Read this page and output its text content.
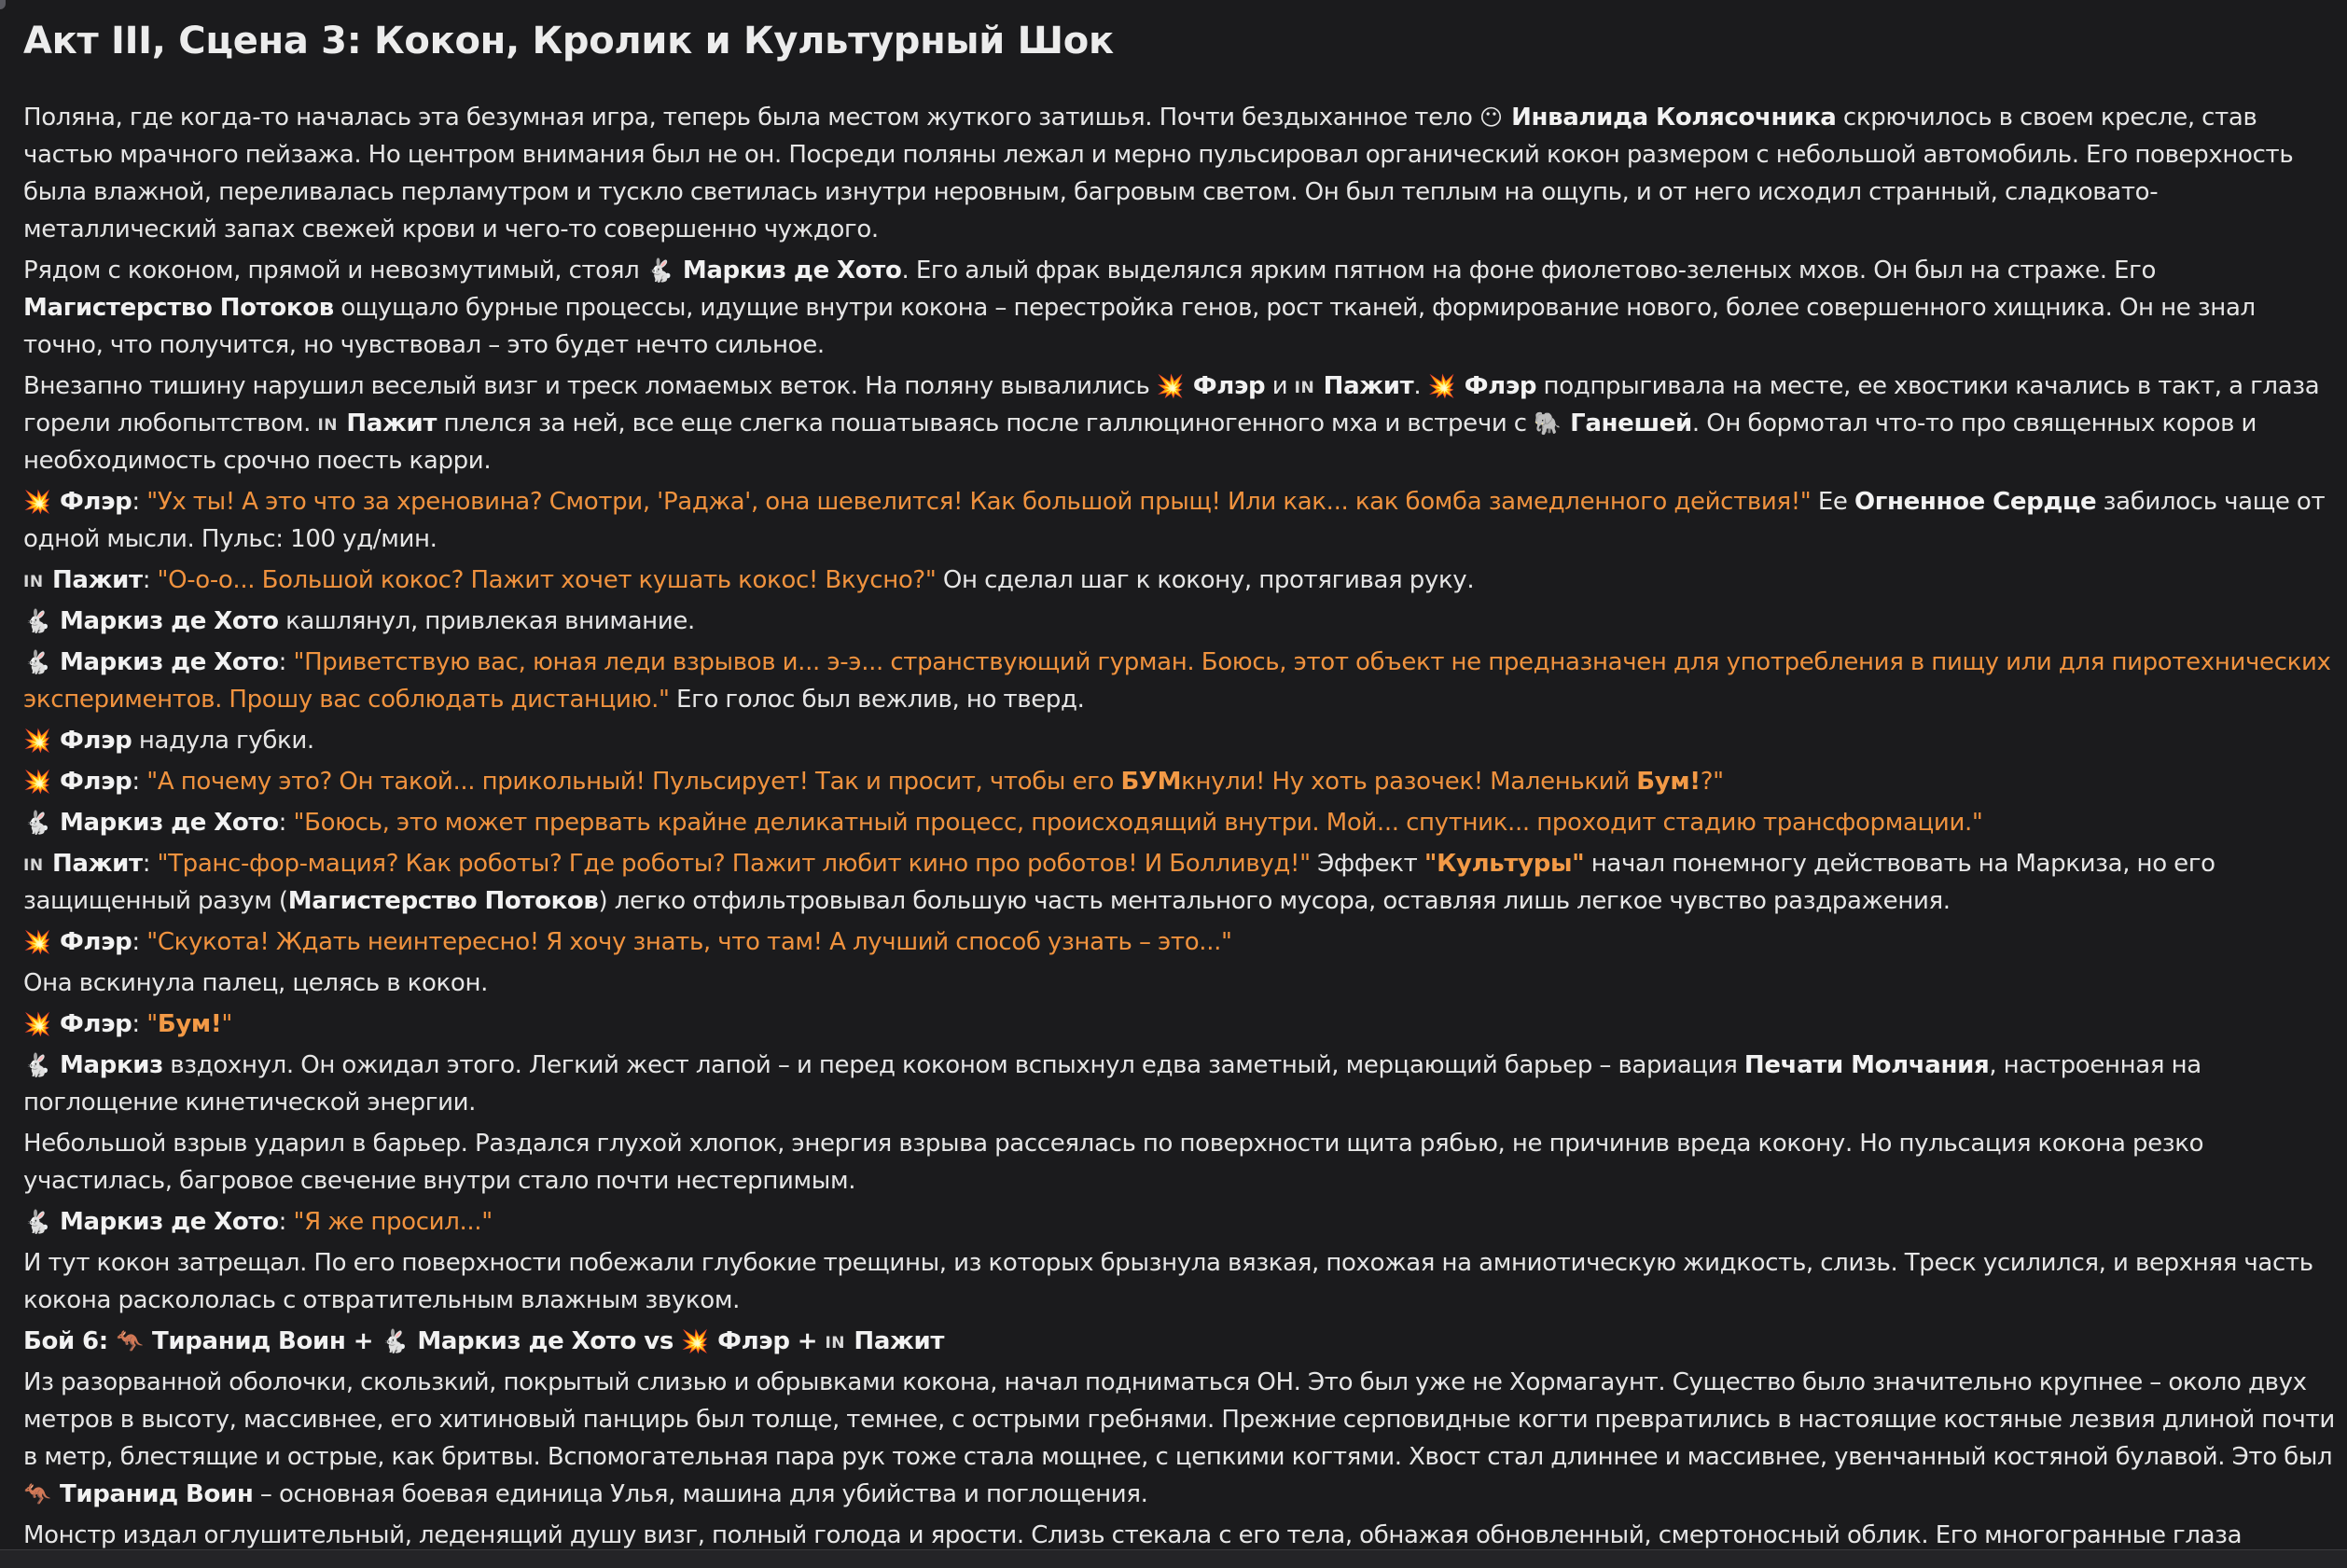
Акт III, Сцена 3: Кокон, Кролик и Культурный Шок

Поляна, где когда-то началась эта безумная игра, теперь была местом жуткого затишья. Почти бездыханное тело 😶 Инвалида Колясочника скрючилось в своем кресле, став частью мрачного пейзажа. Но центром внимания был не он. Посреди поляны лежал и мерно пульсировал органический кокон размером с небольшой автомобиль. Его поверхность была влажной, переливалась перламутром и тускло светилась изнутри неровным, багровым светом. Он был теплым на ощупь, и от него исходил странный, сладковато-металлический запах свежей крови и чего-то совершенно чуждого.

Рядом с коконом, прямой и невозмутимый, стоял 🐇 Маркиз де Хото. Его алый фрак выделялся ярким пятном на фоне фиолетово-зеленых мхов. Он был на страже. Его Магистерство Потоков ощущало бурные процессы, идущие внутри кокона – перестройка генов, рост тканей, формирование нового, более совершенного хищника. Он не знал точно, что получится, но чувствовал – это будет нечто сильное.

Внезапно тишину нарушил веселый визг и треск ломаемых веток. На поляну вывалились 💥 Флэр и IN Пажит. 💥 Флэр подпрыгивала на месте, ее хвостики качались в такт, а глаза горели любопытством. IN Пажит плелся за ней, все еще слегка пошатываясь после галлюциногенного мха и встречи с 🐘 Ганешей. Он бормотал что-то про священных коров и необходимость срочно поесть карри.

💥 Флэр: "Ух ты! А это что за хреновина? Смотри, 'Раджа', она шевелится! Как большой прыщ! Или как... как бомба замедленного действия!" Ее Огненное Сердце забилось чаще от одной мысли. Пульс: 100 уд/мин.

IN Пажит: "О-о-о... Большой кокос? Пажит хочет кушать кокос! Вкусно?" Он сделал шаг к кокону, протягивая руку.

🐇 Маркиз де Хото кашлянул, привлекая внимание.

🐇 Маркиз де Хото: "Приветствую вас, юная леди взрывов и... э-э... странствующий гурман. Боюсь, этот объект не предназначен для употребления в пищу или для пиротехнических экспериментов. Прошу вас соблюдать дистанцию." Его голос был вежлив, но тверд.

💥 Флэр надула губки.

💥 Флэр: "А почему это? Он такой... прикольный! Пульсирует! Так и просит, чтобы его БУМкнули! Ну хоть разочек! Маленький Бум!?"

🐇 Маркиз де Хото: "Боюсь, это может прервать крайне деликатный процесс, происходящий внутри. Мой... спутник... проходит стадию трансформации."

IN Пажит: "Транс-фор-мация? Как роботы? Где роботы? Пажит любит кино про роботов! И Болливуд!" Эффект "Культуры" начал понемногу действовать на Маркиза, но его защищенный разум (Магистерство Потоков) легко отфильтровывал большую часть ментального мусора, оставляя лишь легкое чувство раздражения.

💥 Флэр: "Скукота! Ждать неинтересно! Я хочу знать, что там! А лучший способ узнать – это..."

Она вскинула палец, целясь в кокон.

💥 Флэр: "Бум!"

🐇 Маркиз вздохнул. Он ожидал этого. Легкий жест лапой – и перед коконом вспыхнул едва заметный, мерцающий барьер – вариация Печати Молчания, настроенная на поглощение кинетической энергии.

Небольшой взрыв ударил в барьер. Раздался глухой хлопок, энергия взрыва рассеялась по поверхности щита рябью, не причинив вреда кокону. Но пульсация кокона резко участилась, багровое свечение внутри стало почти нестерпимым.

🐇 Маркиз де Хото: "Я же просил..."

И тут кокон затрещал. По его поверхности побежали глубокие трещины, из которых брызнула вязкая, похожая на амниотическую жидкость, слизь. Треск усилился, и верхняя часть кокона раскололась с отвратительным влажным звуком.

Бой 6: 🦘 Тиранид Воин + 🐇 Маркиз де Хото vs 💥 Флэр + IN Пажит

Из разорванной оболочки, скользкий, покрытый слизью и обрывками кокона, начал подниматься ОН. Это был уже не Хормагаунт. Существо было значительно крупнее – около двух метров в высоту, массивнее, его хитиновый панцирь был толще, темнее, с острыми гребнями. Прежние серповидные когти превратились в настоящие костяные лезвия длиной почти в метр, блестящие и острые, как бритвы. Вспомогательная пара рук тоже стала мощнее, с цепкими когтями. Хвост стал длиннее и массивнее, увенчанный костяной булавой. Это был 🦘 Тиранид Воин – основная боевая единица Улья, машина для убийства и поглощения.

Монстр издал оглушительный, леденящий душу визг, полный голода и ярости. Слизь стекала с его тела, обнажая обновленный, смертоносный облик. Его многогранные глаза
